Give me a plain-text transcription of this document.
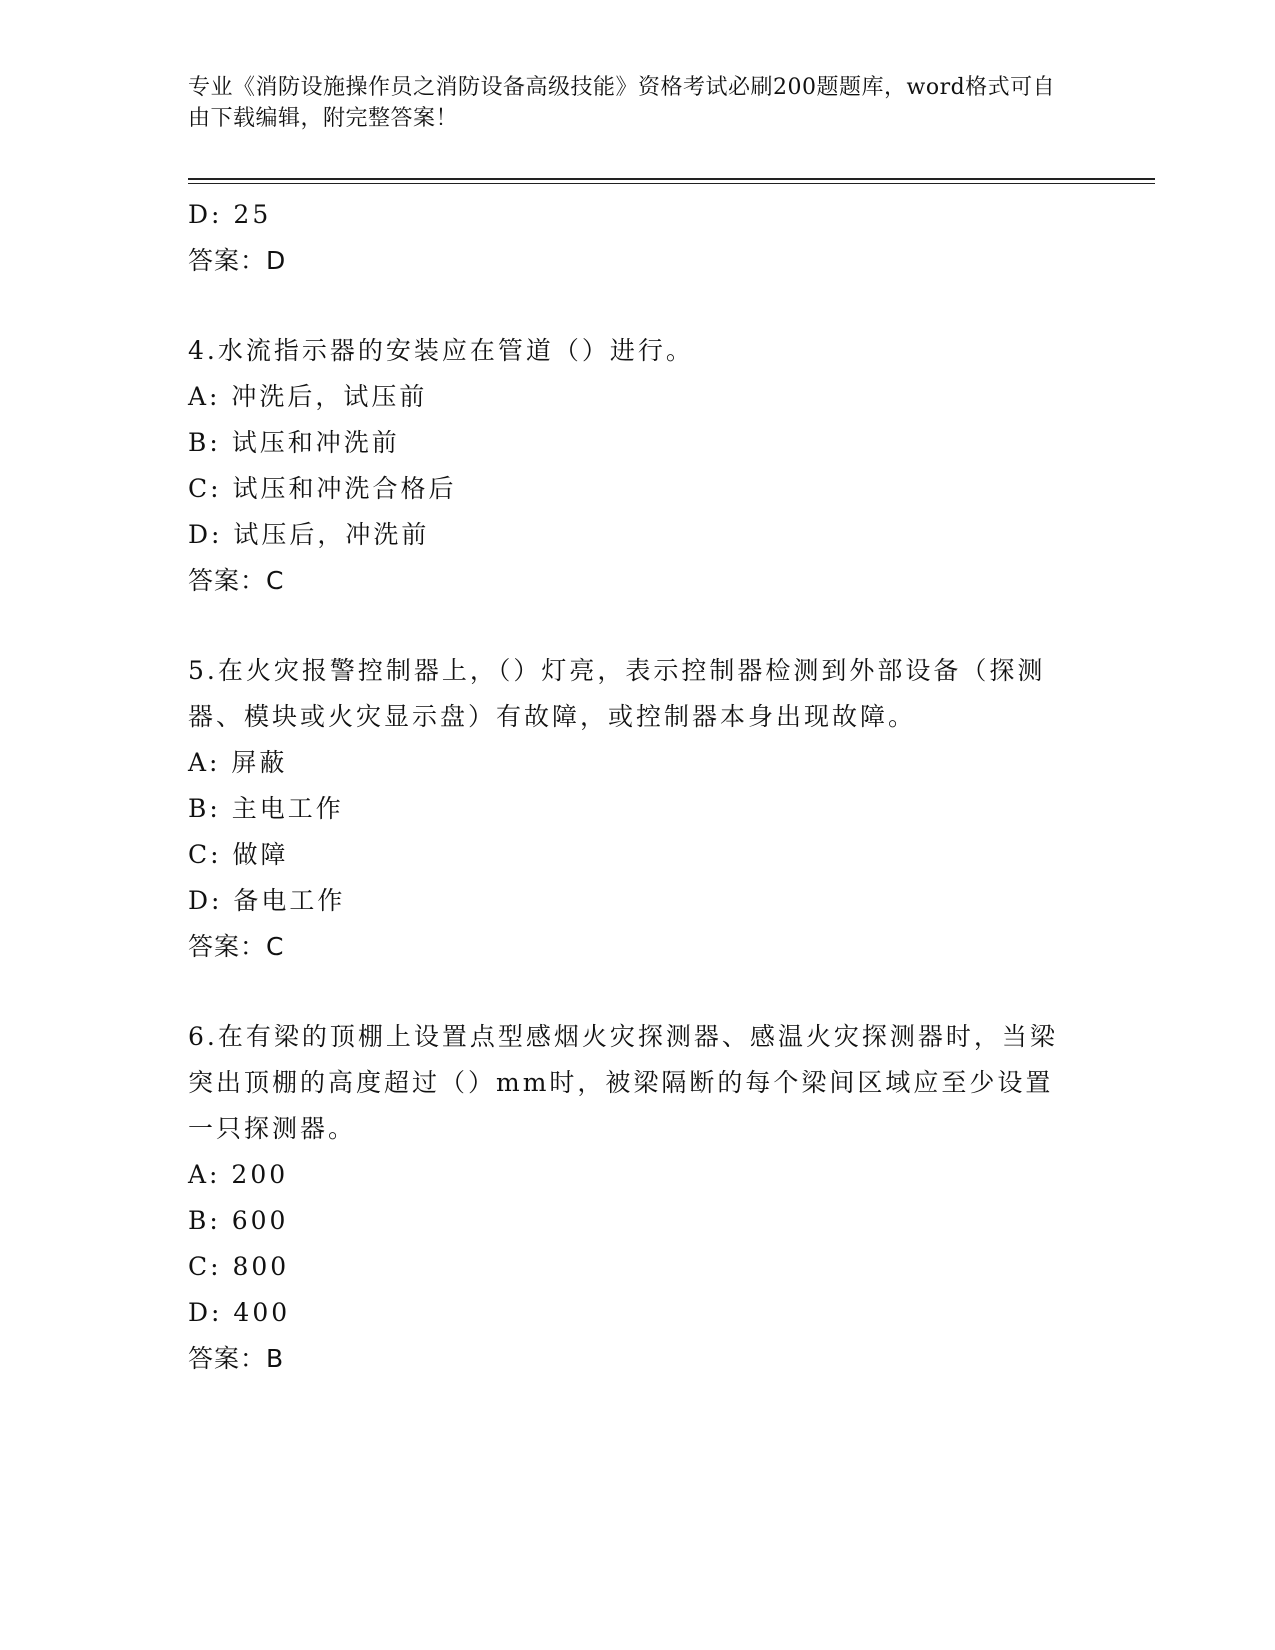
专业《消防设施操作员之消防设备高级技能》资格考试必刷200题题库，word格式可自由下载编辑，附完整答案！
D: 25
答案：D
4.水流指示器的安装应在管道（）进行。
A: 冲洗后，试压前
B: 试压和冲洗前
C: 试压和冲洗合格后
D: 试压后，冲洗前
答案：C
5.在火灾报警控制器上，（）灯亮，表示控制器检测到外部设备（探测器、模块或火灾显示盘）有故障，或控制器本身出现故障。
A: 屏蔽
B: 主电工作
C: 做障
D: 备电工作
答案：C
6.在有梁的顶棚上设置点型感烟火灾探测器、感温火灾探测器时，当梁突出顶棚的高度超过（）mm时，被梁隔断的每个梁间区域应至少设置一只探测器。
A: 200
B: 600
C: 800
D: 400
答案：B
